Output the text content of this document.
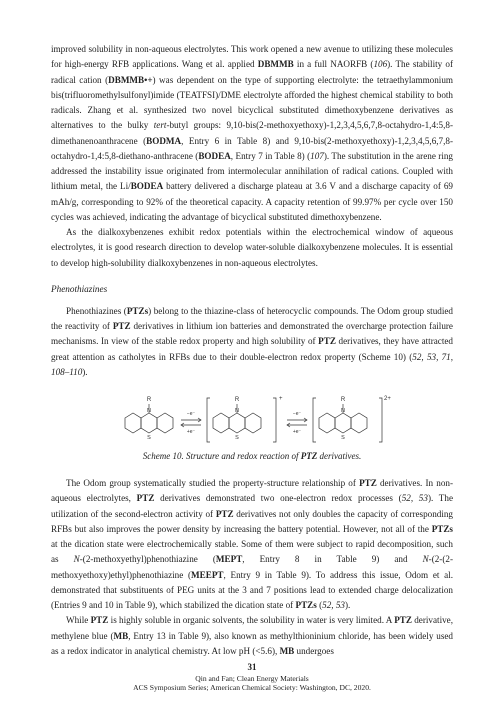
improved solubility in non-aqueous electrolytes. This work opened a new avenue to utilizing these molecules for high-energy RFB applications. Wang et al. applied DBMMB in a full NAORFB (106). The stability of radical cation (DBMMB•+) was dependent on the type of supporting electrolyte: the tetraethylammonium bis(trifluoromethylsulfonyl)imide (TEATFSI)/DME electrolyte afforded the highest chemical stability to both radicals. Zhang et al. synthesized two novel bicyclical substituted dimethoxybenzene derivatives as alternatives to the bulky tert-butyl groups: 9,10-bis(2-methoxyethoxy)-1,2,3,4,5,6,7,8-octahydro-1,4:5,8-dimethanenoanthracene (BODMA, Entry 6 in Table 8) and 9,10-bis(2-methoxyethoxy)-1,2,3,4,5,6,7,8-octahydro-1,4:5,8-diethano-anthracene (BODEA, Entry 7 in Table 8) (107). The substitution in the arene ring addressed the instability issue originated from intermolecular annihilation of radical cations. Coupled with lithium metal, the Li/BODEA battery delivered a discharge plateau at 3.6 V and a discharge capacity of 69 mAh/g, corresponding to 92% of the theoretical capacity. A capacity retention of 99.97% per cycle over 150 cycles was achieved, indicating the advantage of bicyclical substituted dimethoxybenzene.

As the dialkoxybenzenes exhibit redox potentials within the electrochemical window of aqueous electrolytes, it is good research direction to develop water-soluble dialkoxybenzene molecules. It is essential to develop high-solubility dialkoxybenzenes in non-aqueous electrolytes.

Phenothiazines

Phenothiazines (PTZs) belong to the thiazine-class of heterocyclic compounds. The Odom group studied the reactivity of PTZ derivatives in lithium ion batteries and demonstrated the overcharge protection failure mechanisms. In view of the stable redox property and high solubility of PTZ derivatives, they have attracted great attention as catholytes in RFBs due to their double-electron redox property (Scheme 10) (52, 53, 71, 108–110).

R
N
S
−e⁻
+e⁻
R
N
S
+
−e⁻
+e⁻
R
N
S
2+

Scheme 10. Structure and redox reaction of PTZ derivatives.

The Odom group systematically studied the property-structure relationship of PTZ derivatives. In non-aqueous electrolytes, PTZ derivatives demonstrated two one-electron redox processes (52, 53). The utilization of the second-electron activity of PTZ derivatives not only doubles the capacity of corresponding RFBs but also improves the power density by increasing the battery potential. However, not all of the PTZs at the dication state were electrochemically stable. Some of them were subject to rapid decomposition, such as N-(2-methoxyethyl)phenothiazine (MEPT, Entry 8 in Table 9) and N-(2-(2-methoxyethoxy)ethyl)phenothiazine (MEEPT, Entry 9 in Table 9). To address this issue, Odom et al. demonstrated that substituents of PEG units at the 3 and 7 positions lead to extended charge delocalization (Entries 9 and 10 in Table 9), which stabilized the dication state of PTZs (52, 53).

While PTZ is highly soluble in organic solvents, the solubility in water is very limited. A PTZ derivative, methylene blue (MB, Entry 13 in Table 9), also known as methylthioninium chloride, has been widely used as a redox indicator in analytical chemistry. At low pH (<5.6), MB undergoes

31
Qin and Fan; Clean Energy Materials
ACS Symposium Series; American Chemical Society: Washington, DC, 2020.
